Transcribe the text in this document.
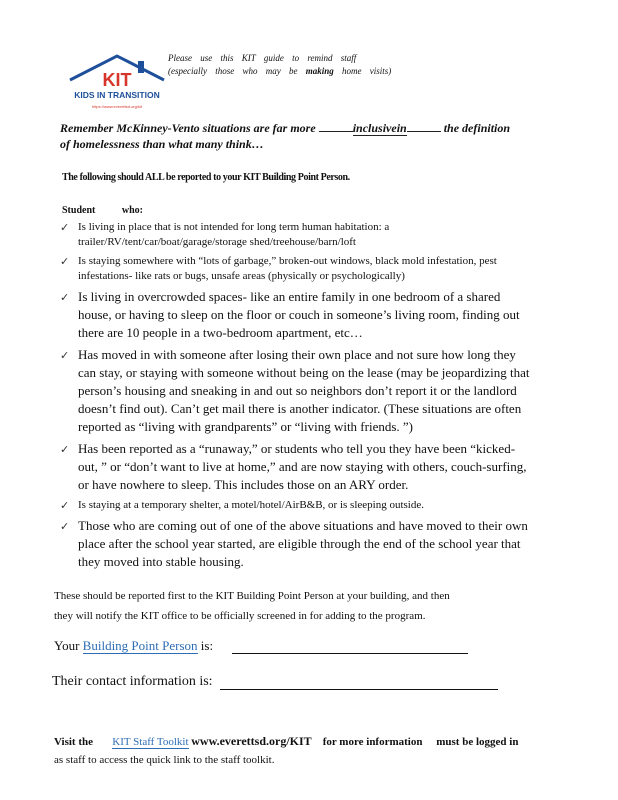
KIT
KIDS IN TRANSITION
https://www.everettsd.org/kit
Please use this KIT guide to remind staff
(especially those who may be making home visits)
Remember McKinney-Vento situations are far more	inclusivein	the definition of homelessness than what many think…
The following should ALL be reported to your KIT Building Point Person.
Student who:
✓ Is living in place that is not intended for long term human habitation: a trailer/RV/tent/car/boat/garage/storage shed/treehouse/barn/loft
✓ Is staying somewhere with “lots of garbage,” broken-out windows, black mold infestation, pest infestations- like rats or bugs, unsafe areas (physically or psychologically)
✓ Is living in overcrowded spaces- like an entire family in one bedroom of a shared house, or having to sleep on the floor or couch in someone’s living room, finding out there are 10 people in a two-bedroom apartment, etc…
✓ Has moved in with someone after losing their own place and not sure how long they can stay, or staying with someone without being on the lease (may be jeopardizing that person’s housing and sneaking in and out so neighbors don’t report it or the landlord doesn’t find out). Can’t get mail there is another indicator. (These situations are often reported as “living with grandparents” or “living with friends. ”)
✓ Has been reported as a “runaway,” or students who tell you they have been “kicked-out, ” or “don’t want to live at home,” and are now staying with others, couch-surfing, or have nowhere to sleep. This includes those on an ARY order.
✓ Is staying at a temporary shelter, a motel/hotel/AirB&B, or is sleeping outside.
✓ Those who are coming out of one of the above situations and have moved to their own place after the school year started, are eligible through the end of the school year that they moved into stable housing.
These should be reported first to the KIT Building Point Person at your building, and then
they will notify the KIT office to be officially screened in for adding to the program.
Your Building Point Person is:
Their contact information is:
Visit the KIT Staff Toolkit www.everettsd.org/KIT for more information must be logged in
as staff to access the quick link to the staff toolkit.
